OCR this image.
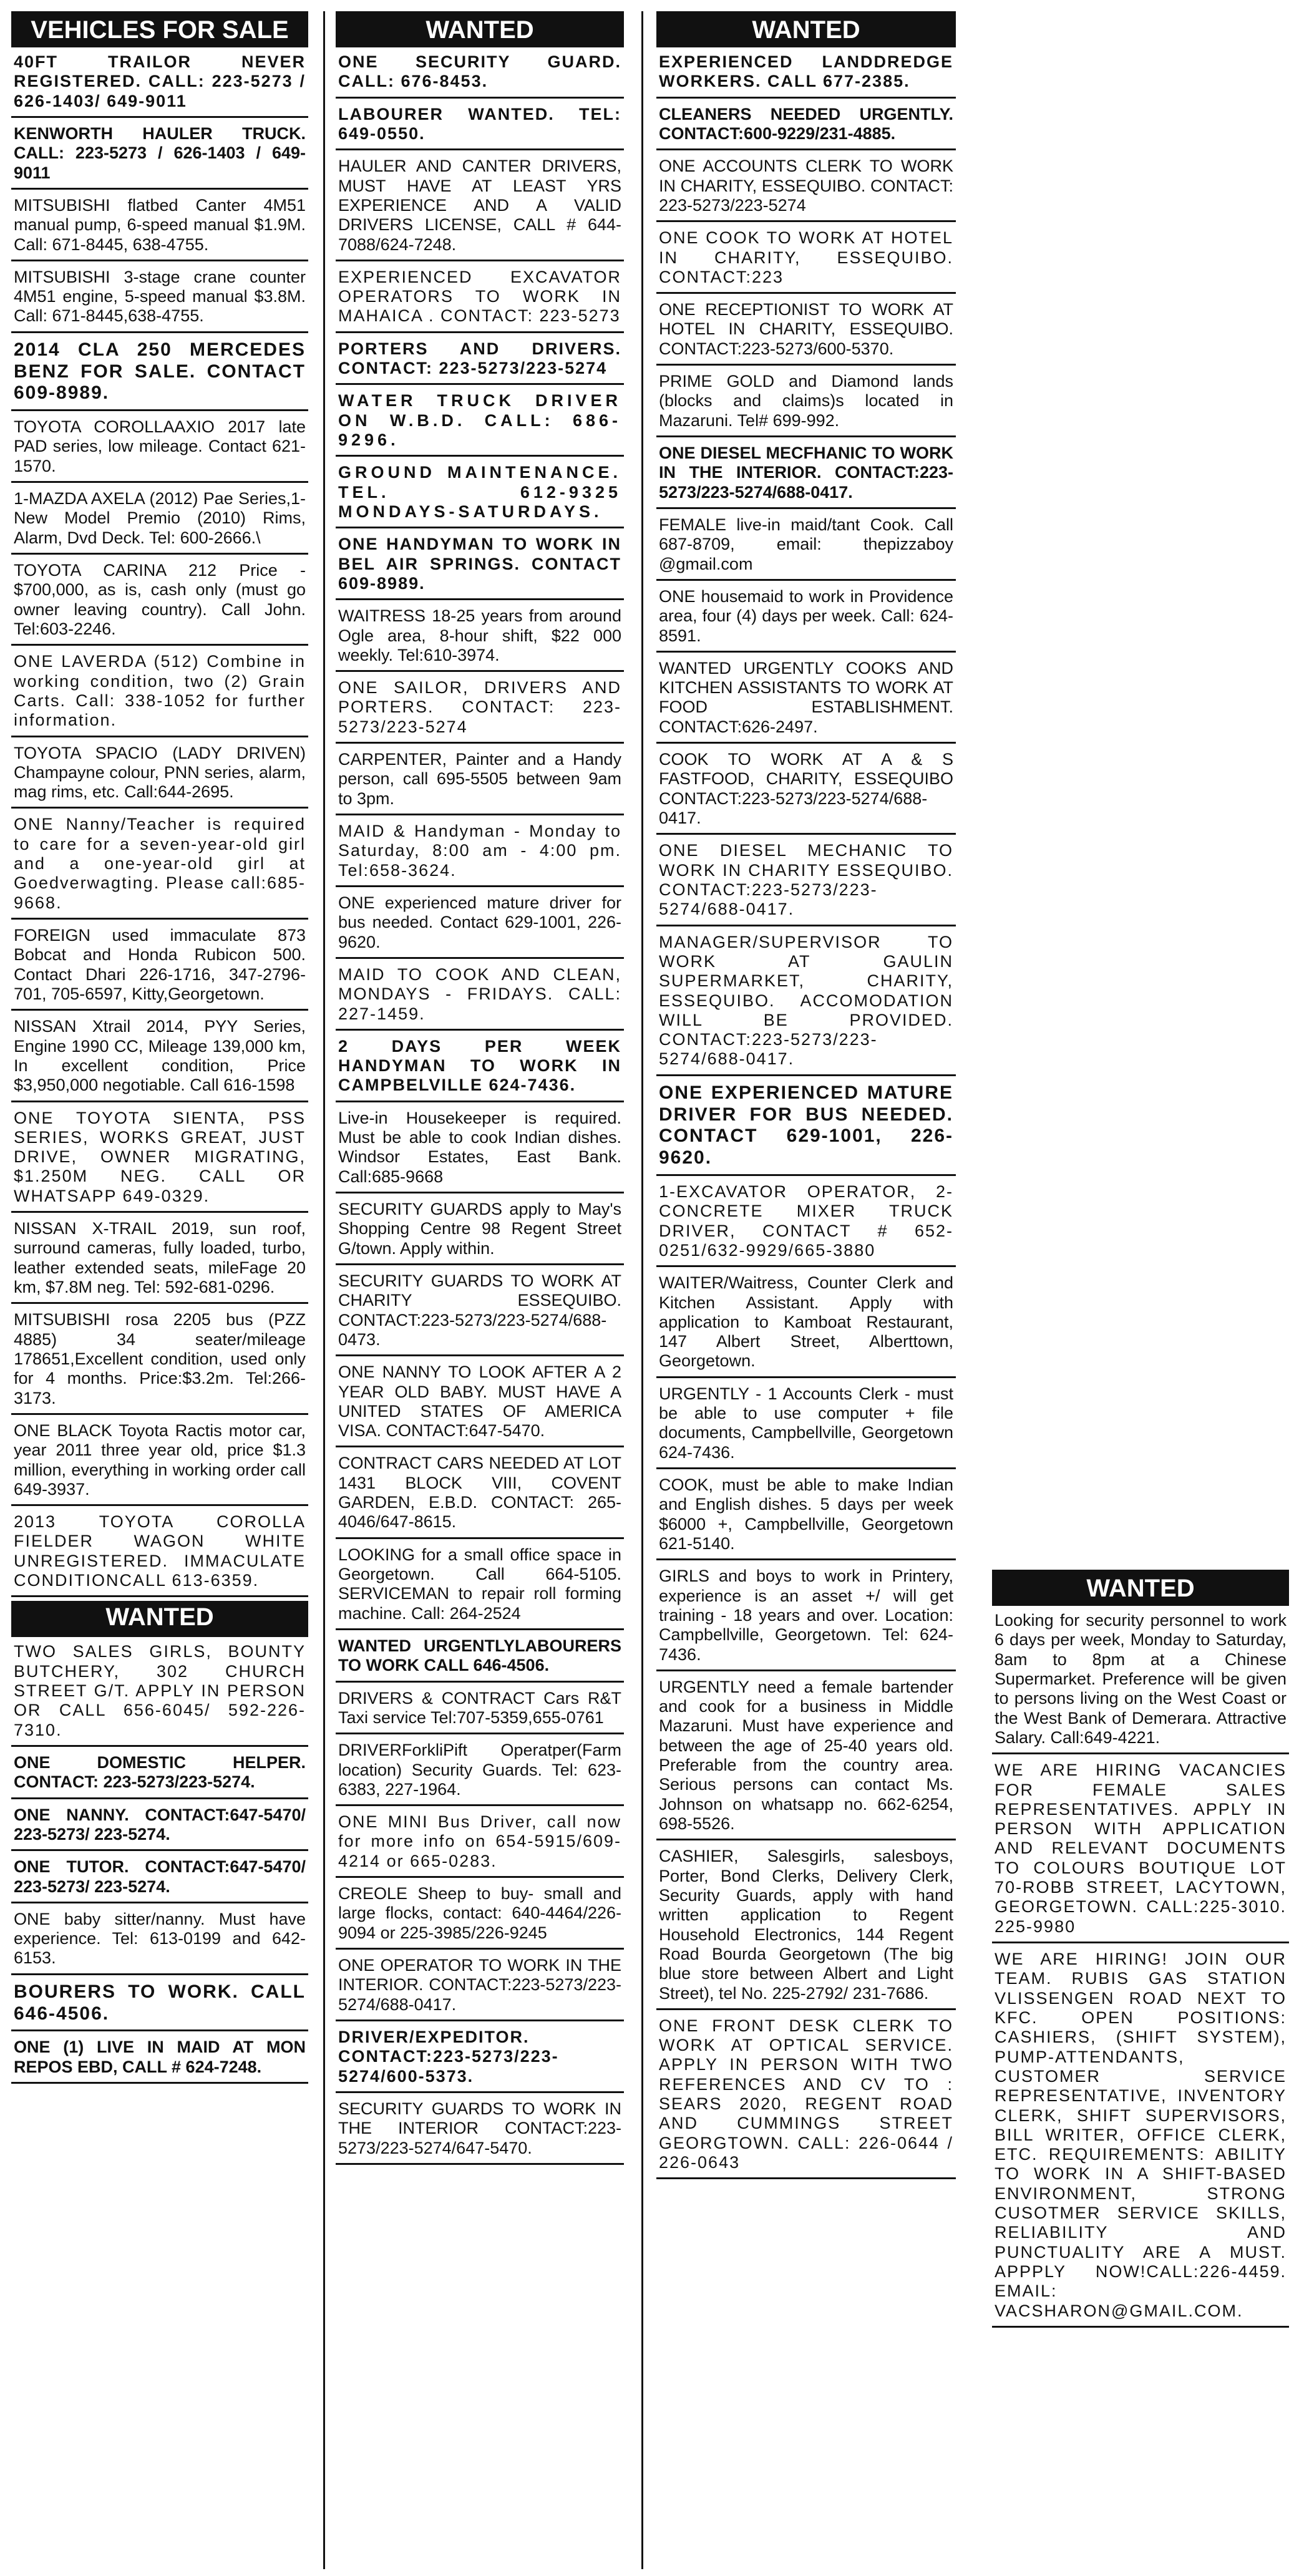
VEHICLES FOR SALE
40FT TRAILOR NEVER REGISTERED. CALL: 223-5273 / 626-1403/ 649-9011
KENWORTH HAULER TRUCK. CALL: 223-5273 / 626-1403 / 649-9011
MITSUBISHI flatbed Canter 4M51 manual pump, 6-speed manual $1.9M. Call: 671-8445, 638-4755.
MITSUBISHI 3-stage crane counter 4M51 engine, 5-speed manual $3.8M. Call: 671-8445,638-4755.
2014 CLA 250 MERCEDES BENZ FOR SALE. CONTACT 609-8989.
TOYOTA COROLLAAXIO 2017 late PAD series, low mileage. Contact 621-1570.
1-MAZDA AXELA (2012) Pae Series,1- New Model Premio (2010) Rims, Alarm, Dvd Deck. Tel: 600-2666.\
TOYOTA CARINA 212 Price - $700,000, as is, cash only (must go owner leaving country). Call John. Tel:603-2246.
ONE LAVERDA (512) Combine in working condition, two (2) Grain Carts. Call: 338-1052 for further information.
TOYOTA SPACIO (LADY DRIVEN) Champayne colour, PNN series, alarm, mag rims, etc. Call:644-2695.
ONE Nanny/Teacher is required to care for a seven-year-old girl and a one-year-old girl at Goedverwagting. Please call:685-9668.
FOREIGN used immaculate 873 Bobcat and Honda Rubicon 500. Contact Dhari 226-1716, 347-2796-701, 705-6597, Kitty,Georgetown.
NISSAN Xtrail 2014, PYY Series, Engine 1990 CC, Mileage 139,000 km, In excellent condition, Price $3,950,000 negotiable. Call 616-1598
ONE TOYOTA SIENTA, PSS SERIES, WORKS GREAT, JUST DRIVE, OWNER MIGRATING, $1.250M NEG. CALL OR WHATSAPP 649-0329.
NISSAN X-TRAIL 2019, sun roof, surround cameras, fully loaded, turbo, leather extended seats, mileFage 20 km, $7.8M neg. Tel: 592-681-0296.
MITSUBISHI rosa 2205 bus (PZZ 4885) 34 seater/mileage 178651,Excellent condition, used only for 4 months. Price:$3.2m. Tel:266-3173.
ONE BLACK Toyota Ractis motor car, year 2011 three year old, price $1.3 million, everything in working order call 649-3937.
2013 TOYOTA COROLLA FIELDER WAGON WHITE UNREGISTERED. IMMACULATE CONDITIONCALL 613-6359.
WANTED
TWO SALES GIRLS, BOUNTY BUTCHERY, 302 CHURCH STREET G/T. APPLY IN PERSON OR CALL 656-6045/ 592-226-7310.
ONE DOMESTIC HELPER. CONTACT: 223-5273/223-5274.
ONE NANNY. CONTACT:647-5470/ 223-5273/ 223-5274.
ONE TUTOR. CONTACT:647-5470/ 223-5273/ 223-5274.
ONE baby sitter/nanny. Must have experience. Tel: 613-0199 and 642-6153.
BOURERS TO WORK. CALL 646-4506.
ONE (1) LIVE IN MAID AT MON REPOS EBD, CALL # 624-7248.
WANTED
ONE SECURITY GUARD. CALL: 676-8453.
LABOURER WANTED. TEL: 649-0550.
HAULER AND CANTER DRIVERS, MUST HAVE AT LEAST YRS EXPERIENCE AND A VALID DRIVERS LICENSE, CALL # 644-7088/624-7248.
EXPERIENCED EXCAVATOR OPERATORS TO WORK IN MAHAICA . CONTACT: 223-5273
PORTERS AND DRIVERS. CONTACT: 223-5273/223-5274
WATER TRUCK DRIVER ON W.B.D. CALL: 686-9296.
GROUND MAINTENANCE. TEL. 612-9325 MONDAYS-SATURDAYS.
ONE HANDYMAN TO WORK IN BEL AIR SPRINGS. CONTACT 609-8989.
WAITRESS 18-25 years from around Ogle area, 8-hour shift, $22 000 weekly. Tel:610-3974.
ONE SAILOR, DRIVERS AND PORTERS. CONTACT: 223-5273/223-5274
CARPENTER, Painter and a Handy person, call 695-5505 between 9am to 3pm.
MAID & Handyman - Monday to Saturday, 8:00 am - 4:00 pm. Tel:658-3624.
ONE experienced mature driver for bus needed. Contact 629-1001, 226-9620.
MAID TO COOK AND CLEAN, MONDAYS - FRIDAYS. CALL: 227-1459.
2 DAYS PER WEEK HANDYMAN TO WORK IN CAMPBELVILLE 624-7436.
Live-in Housekeeper is required. Must be able to cook Indian dishes. Windsor Estates, East Bank. Call:685-9668
SECURITY GUARDS apply to May's Shopping Centre 98 Regent Street G/town. Apply within.
SECURITY GUARDS TO WORK AT CHARITY ESSEQUIBO. CONTACT:223-5273/223-5274/688-0473.
ONE NANNY TO LOOK AFTER A 2 YEAR OLD BABY. MUST HAVE A UNITED STATES OF AMERICA VISA. CONTACT:647-5470.
CONTRACT CARS NEEDED AT LOT 1431 BLOCK VIII, COVENT GARDEN, E.B.D. CONTACT: 265-4046/647-8615.
LOOKING for a small office space in Georgetown. Call 664-5105. SERVICEMAN to repair roll forming machine. Call: 264-2524
WANTED URGENTLYLABOURERS TO WORK CALL 646-4506.
DRIVERS & CONTRACT Cars R&T Taxi service Tel:707-5359,655-0761
DRIVERForkliPift Operatper(Farm location) Security Guards. Tel: 623-6383, 227-1964.
ONE MINI Bus Driver, call now for more info on 654-5915/609-4214 or 665-0283.
CREOLE Sheep to buy- small and large flocks, contact: 640-4464/226-9094 or 225-3985/226-9245
ONE OPERATOR TO WORK IN THE INTERIOR. CONTACT:223-5273/223-5274/688-0417.
DRIVER/EXPEDITOR. CONTACT:223-5273/223-5274/600-5373.
SECURITY GUARDS TO WORK IN THE INTERIOR CONTACT:223-5273/223-5274/647-5470.
WANTED
EXPERIENCED LANDDREDGE WORKERS. CALL 677-2385.
CLEANERS NEEDED URGENTLY. CONTACT:600-9229/231-4885.
ONE ACCOUNTS CLERK TO WORK IN CHARITY, ESSEQUIBO. CONTACT: 223-5273/223-5274
ONE COOK TO WORK AT HOTEL IN CHARITY, ESSEQUIBO. CONTACT:223
ONE RECEPTIONIST TO WORK AT HOTEL IN CHARITY, ESSEQUIBO. CONTACT:223-5273/600-5370.
PRIME GOLD and Diamond lands (blocks and claims)s located in Mazaruni. Tel# 699-992.
ONE DIESEL MECFHANIC TO WORK IN THE INTERIOR. CONTACT:223-5273/223-5274/688-0417.
FEMALE live-in maid/tant Cook. Call 687-8709, email: thepizzaboy @gmail.com
ONE housemaid to work in Providence area, four (4) days per week. Call: 624-8591.
WANTED URGENTLY COOKS AND KITCHEN ASSISTANTS TO WORK AT FOOD ESTABLISHMENT. CONTACT:626-2497.
COOK TO WORK AT A & S FASTFOOD, CHARITY, ESSEQUIBO CONTACT:223-5273/223-5274/688-0417.
ONE DIESEL MECHANIC TO WORK IN CHARITY ESSEQUIBO. CONTACT:223-5273/223-5274/688-0417.
MANAGER/SUPERVISOR TO WORK AT GAULIN SUPERMARKET, CHARITY, ESSEQUIBO. ACCOMODATION WILL BE PROVIDED. CONTACT:223-5273/223-5274/688-0417.
ONE EXPERIENCED MATURE DRIVER FOR BUS NEEDED. CONTACT 629-1001, 226-9620.
1-EXCAVATOR OPERATOR, 2- CONCRETE MIXER TRUCK DRIVER, CONTACT # 652-0251/632-9929/665-3880
WAITER/Waitress, Counter Clerk and Kitchen Assistant. Apply with application to Kamboat Restaurant, 147 Albert Street, Alberttown, Georgetown.
URGENTLY - 1 Accounts Clerk - must be able to use computer + file documents, Campbellville, Georgetown 624-7436.
COOK, must be able to make Indian and English dishes. 5 days per week $6000 +, Campbellville, Georgetown 621-5140.
GIRLS and boys to work in Printery, experience is an asset +/ will get training - 18 years and over. Location: Campbellville, Georgetown. Tel: 624-7436.
URGENTLY need a female bartender and cook for a business in Middle Mazaruni. Must have experience and between the age of 25-40 years old. Preferable from the country area. Serious persons can contact Ms. Johnson on whatsapp no. 662-6254, 698-5526.
CASHIER, Salesgirls, salesboys, Porter, Bond Clerks, Delivery Clerk, Security Guards, apply with hand written application to Regent Household Electronics, 144 Regent Road Bourda Georgetown (The big blue store between Albert and Light Street), tel No. 225-2792/ 231-7686.
ONE FRONT DESK CLERK TO WORK AT OPTICAL SERVICE. APPLY IN PERSON WITH TWO REFERENCES AND CV TO : SEARS 2020, REGENT ROAD AND CUMMINGS STREET GEORGTOWN. CALL: 226-0644 / 226-0643
WANTED
Looking for security personnel to work 6 days per week, Monday to Saturday, 8am to 8pm at a Chinese Supermarket. Preference will be given to persons living on the West Coast or the West Bank of Demerara. Attractive Salary. Call:649-4221.
WE ARE HIRING VACANCIES FOR FEMALE SALES REPRESENTATIVES. APPLY IN PERSON WITH APPLICATION AND RELEVANT DOCUMENTS TO COLOURS BOUTIQUE LOT 70-ROBB STREET, LACYTOWN, GEORGETOWN. CALL:225-3010. 225-9980
WE ARE HIRING! JOIN OUR TEAM. RUBIS GAS STATION VLISSENGEN ROAD NEXT TO KFC. OPEN POSITIONS: CASHIERS, (SHIFT SYSTEM), PUMP-ATTENDANTS, CUSTOMER SERVICE REPRESENTATIVE, INVENTORY CLERK, SHIFT SUPERVISORS, BILL WRITER, OFFICE CLERK, ETC. REQUIREMENTS: ABILITY TO WORK IN A SHIFT-BASED ENVIRONMENT, STRONG CUSOTMER SERVICE SKILLS, RELIABILITY AND PUNCTUALITY ARE A MUST. APPPLY NOW!CALL:226-4459. EMAIL: VACSHARON@GMAIL.COM.
